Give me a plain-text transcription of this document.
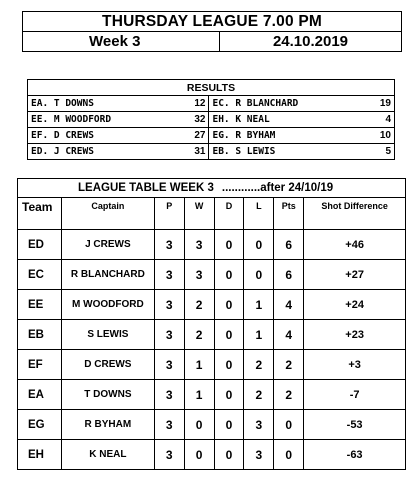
THURSDAY LEAGUE 7.00 PM
Week 3	24.10.2019
RESULTS			
EA. T DOWNS	12	EC. R BLANCHARD	19
EE. M WOODFORD	32	EH. K NEAL	4
EF. D CREWS	27	EG. R BYHAM	10
ED. J CREWS	31	EB. S LEWIS	5
LEAGUE TABLE WEEK 3 ............after 24/10/19							
Team	Captain	P	W	D	L	Pts	Shot Difference
ED	J CREWS	3	3	0	0	6	+46
EC	R BLANCHARD	3	3	0	0	6	+27
EE	M WOODFORD	3	2	0	1	4	+24
EB	S LEWIS	3	2	0	1	4	+23
EF	D CREWS	3	1	0	2	2	+3
EA	T DOWNS	3	1	0	2	2	-7
EG	R BYHAM	3	0	0	3	0	-53
EH	K NEAL	3	0	0	3	0	-63
